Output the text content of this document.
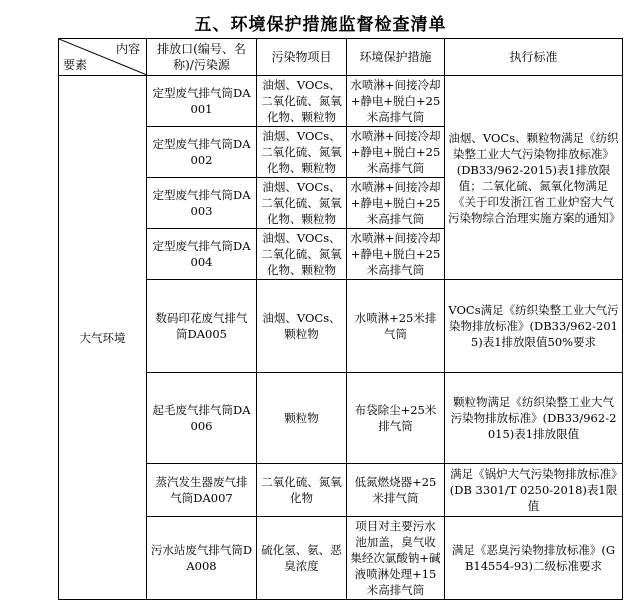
五、环境保护措施监督检查清单
内容
要素	排放口(编号、名称)/污染源	污染物项目	环境保护措施	执行标准
大气环境	定型废气排气筒DA001	油烟、VOCs、二氧化硫、氮氧化物、颗粒物	水喷淋+间接冷却+静电+脱白+25米高排气筒	油烟、VOCs、颗粒物满足《纺织染整工业大气污染物排放标准》(DB33/962-2015)表1排放限值；二氧化硫、氮氧化物满足《关于印发浙江省工业炉窑大气污染物综合治理实施方案的通知》
	定型废气排气筒DA002	油烟、VOCs、二氧化硫、氮氧化物、颗粒物	水喷淋+间接冷却+静电+脱白+25米高排气筒	
	定型废气排气筒DA003	油烟、VOCs、二氧化硫、氮氧化物、颗粒物	水喷淋+间接冷却+静电+脱白+25米高排气筒	
	定型废气排气筒DA004	油烟、VOCs、二氧化硫、氮氧化物、颗粒物	水喷淋+间接冷却+静电+脱白+25米高排气筒	
	数码印花废气排气筒DA005	油烟、VOCs、颗粒物	水喷淋+25米排气筒	VOCs满足《纺织染整工业大气污染物排放标准》(DB33/962-2015)表1排放限值50%要求
	起毛废气排气筒DA006	颗粒物	布袋除尘+25米排气筒	颗粒物满足《纺织染整工业大气污染物排放标准》(DB33/962-2015)表1排放限值
	蒸汽发生器废气排气筒DA007	二氧化硫、氮氧化物	低氮燃烧器+25米排气筒	满足《锅炉大气污染物排放标准》(DB 3301/T 0250-2018)表1限值
	污水站废气排气筒DA008	硫化氢、氨、恶臭浓度	项目对主要污水池加盖，臭气收集经次氯酸钠+碱液喷淋处理+15米高排气筒	满足《恶臭污染物排放标准》(GB14554-93)二级标准要求
